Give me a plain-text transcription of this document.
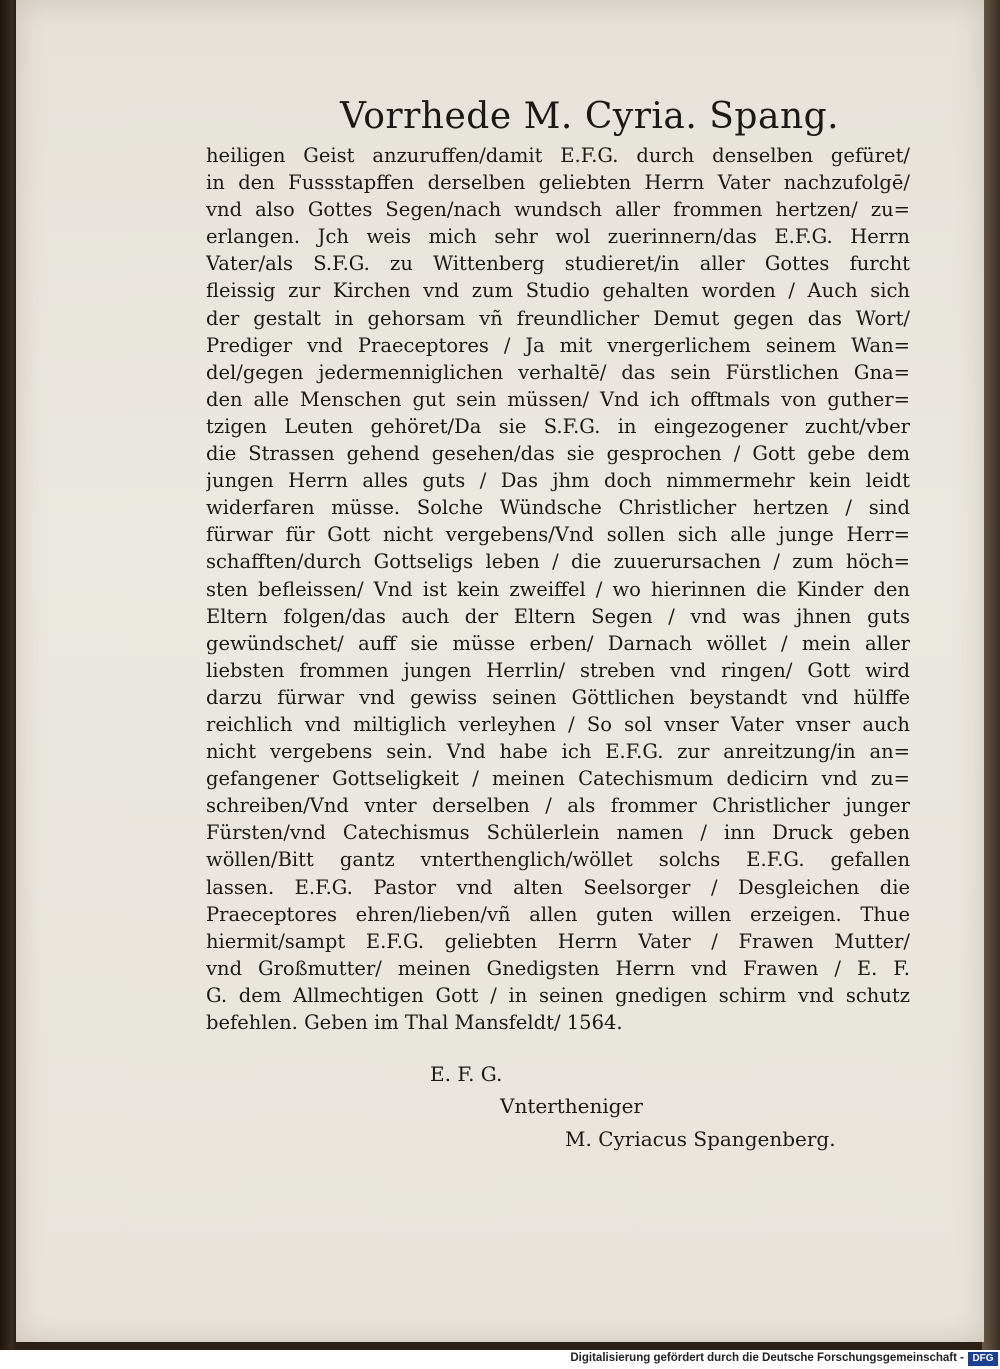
Vorrhede M. Cyria. Spang.
heiligen Geist anzuruffen/damit E.F.G. durch denselben gefüret/
in den Fussstapffen derselben geliebten Herrn Vater nachzufolgē/
vnd also Gottes Segen/nach wundsch aller frommen hertzen/ zu=
erlangen. Jch weis mich sehr wol zuerinnern/das E.F.G. Herrn
Vater/als S.F.G. zu Wittenberg studieret/in aller Gottes furcht
fleissig zur Kirchen vnd zum Studio gehalten worden / Auch sich
der gestalt in gehorsam vñ freundlicher Demut gegen das Wort/
Prediger vnd Praeceptores / Ja mit vnergerlichem seinem Wan=
del/gegen jedermenniglichen verhaltē/ das sein Fürstlichen Gna=
den alle Menschen gut sein müssen/ Vnd ich offtmals von guther=
tzigen Leuten gehöret/Da sie S.F.G. in eingezogener zucht/vber
die Strassen gehend gesehen/das sie gesprochen / Gott gebe dem
jungen Herrn alles guts / Das jhm doch nimmermehr kein leidt
widerfaren müsse. Solche Wündsche Christlicher hertzen / sind
fürwar für Gott nicht vergebens/Vnd sollen sich alle junge Herr=
schafften/durch Gottseligs leben / die zuuerursachen / zum höch=
sten befleissen/ Vnd ist kein zweiffel / wo hierinnen die Kinder den
Eltern folgen/das auch der Eltern Segen / vnd was jhnen guts
gewündschet/ auff sie müsse erben/ Darnach wöllet / mein aller
liebsten frommen jungen Herrlin/ streben vnd ringen/ Gott wird
darzu fürwar vnd gewiss seinen Göttlichen beystandt vnd hülffe
reichlich vnd miltiglich verleyhen / So sol vnser Vater vnser auch
nicht vergebens sein. Vnd habe ich E.F.G. zur anreitzung/in an=
gefangener Gottseligkeit / meinen Catechismum dedicirn vnd zu=
schreiben/Vnd vnter derselben / als frommer Christlicher junger
Fürsten/vnd Catechismus Schülerlein namen / inn Druck geben
wöllen/Bitt gantz vnterthenglich/wöllet solchs E.F.G. gefallen
lassen. E.F.G. Pastor vnd alten Seelsorger / Desgleichen die
Praeceptores ehren/lieben/vñ allen guten willen erzeigen. Thue
hiermit/sampt E.F.G. geliebten Herrn Vater / Frawen Mutter/
vnd Großmutter/ meinen Gnedigsten Herrn vnd Frawen / E. F.
G. dem Allmechtigen Gott / in seinen gnedigen schirm vnd schutz
befehlen. Geben im Thal Mansfeldt/ 1564.
E. F. G.
Vntertheniger
M. Cyriacus Spangenberg.
Digitalisierung gefördert durch die Deutsche Forschungsgemeinschaft - DFG
